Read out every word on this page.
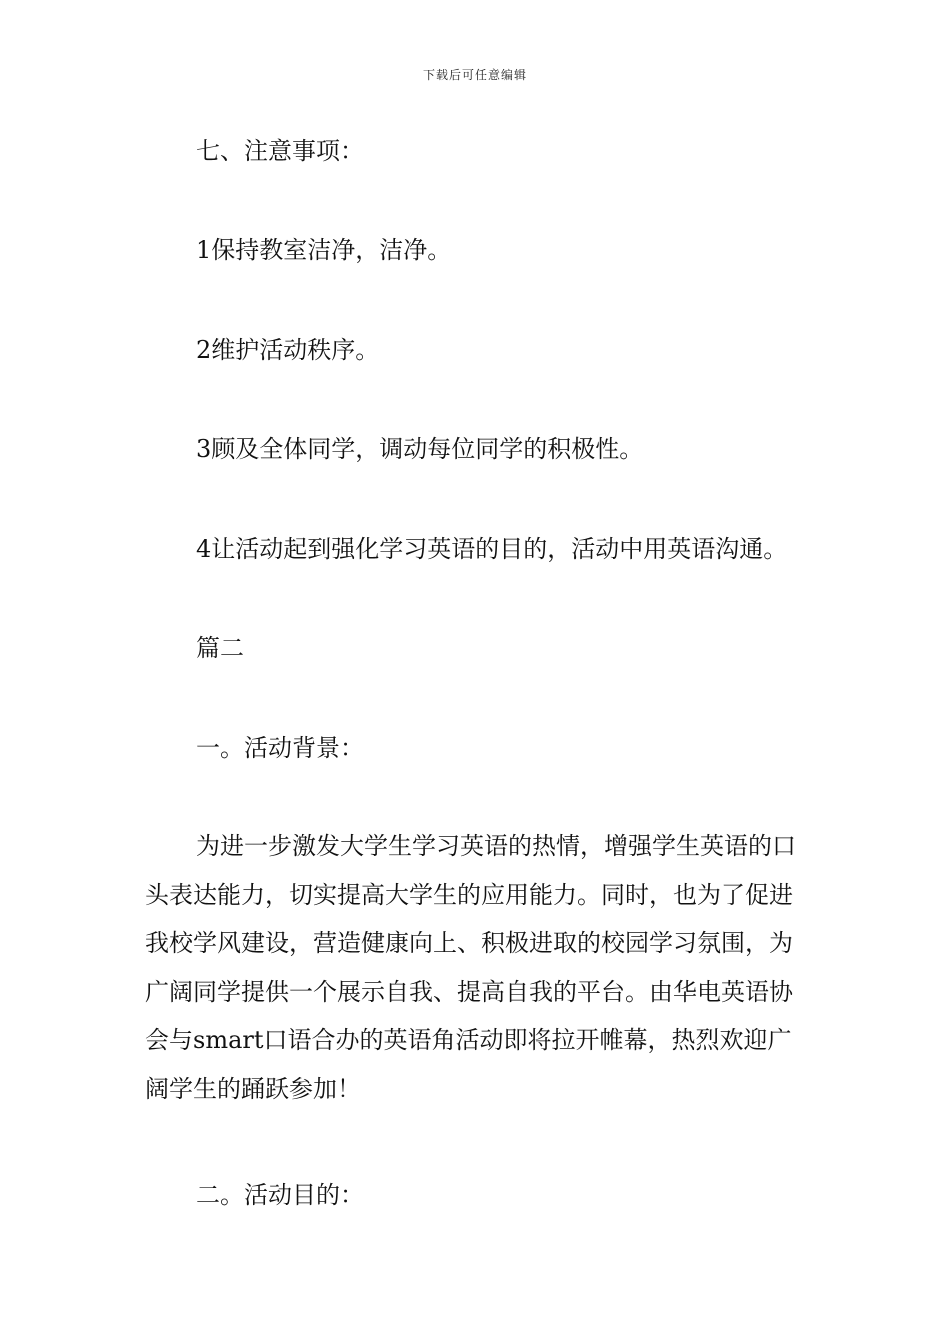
下载后可任意编辑
七、注意事项：
1保持教室洁净，洁净。
2维护活动秩序。
3顾及全体同学，调动每位同学的积极性。
4让活动起到强化学习英语的目的，活动中用英语沟通。
篇二
一。活动背景：

为进一步激发大学生学习英语的热情，增强学生英语的口头表达能力，切实提高大学生的应用能力。同时，也为了促进我校学风建设，营造健康向上、积极进取的校园学习氛围，为广阔同学提供一个展示自我、提高自我的平台。由华电英语协会与smart口语合办的英语角活动即将拉开帷幕，热烈欢迎广阔学生的踊跃参加！

二。活动目的：
